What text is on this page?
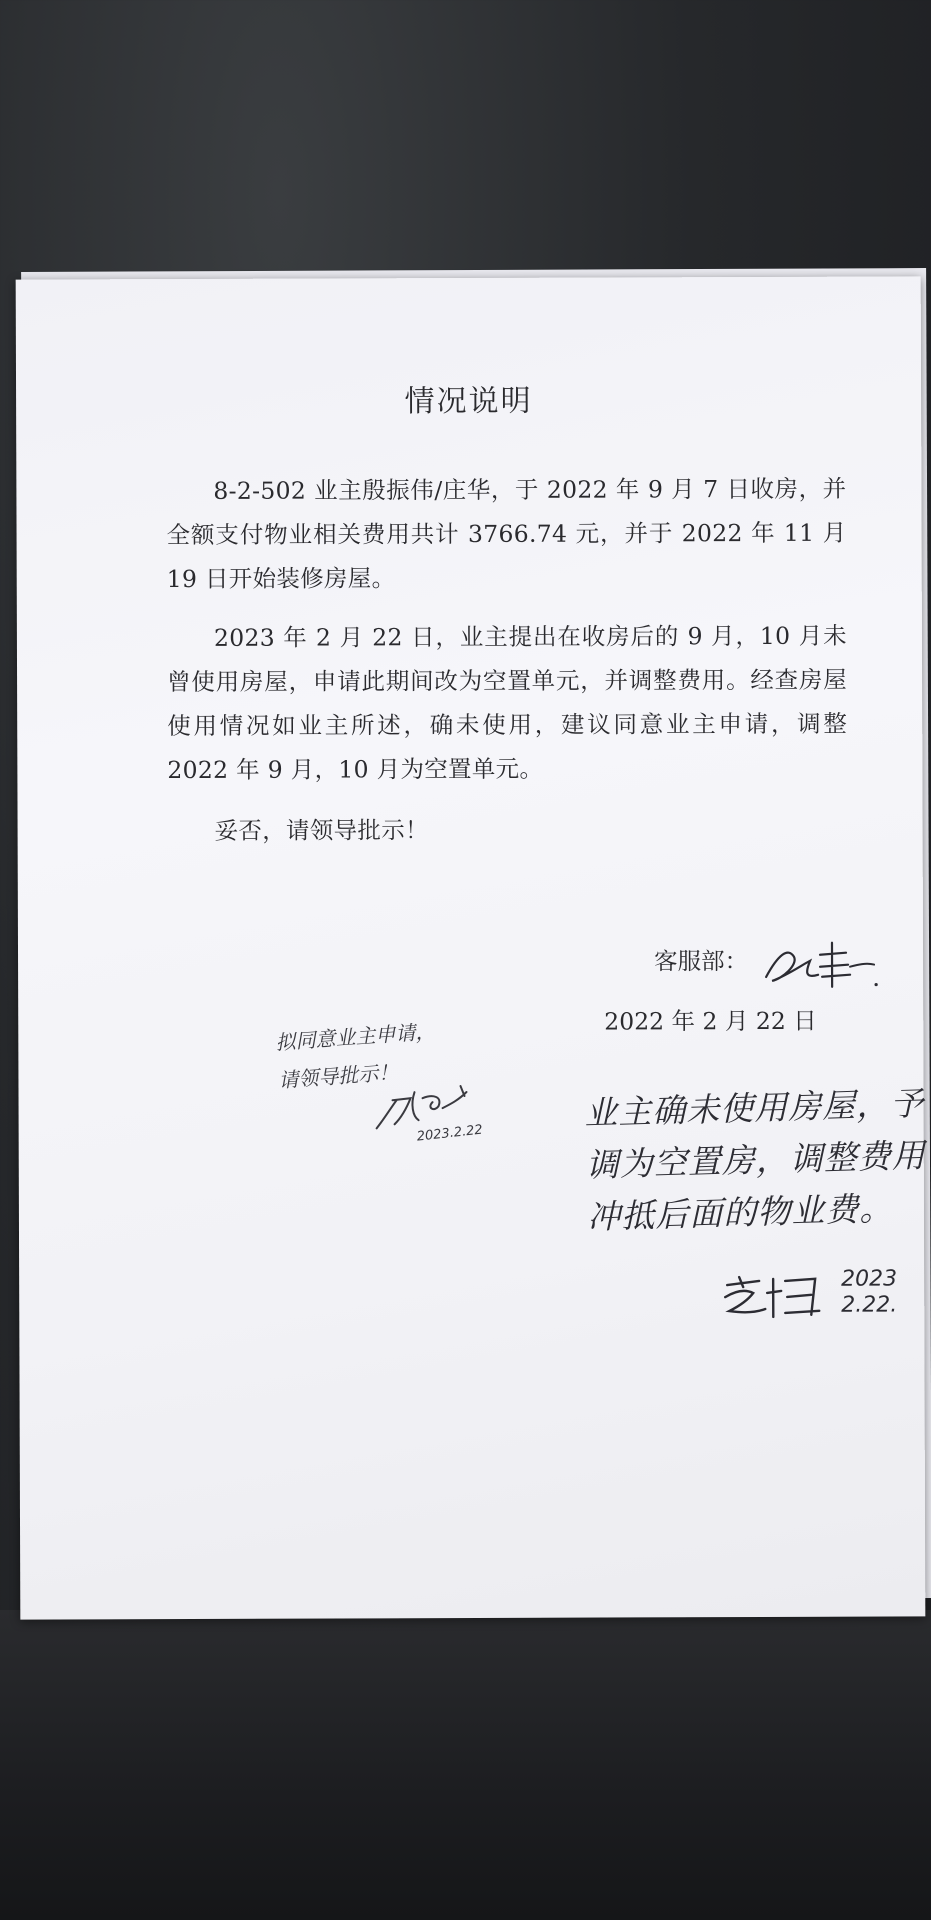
情况说明

8-2-502 业主殷振伟/庄华，于 2022 年 9 月 7 日收房，并全额支付物业相关费用共计 3766.74 元，并于 2022 年 11 月 19 日开始装修房屋。

2023 年 2 月 22 日，业主提出在收房后的 9 月，10 月未曾使用房屋，申请此期间改为空置单元，并调整费用。经查房屋使用情况如业主所述，确未使用，建议同意业主申请，调整 2022 年 9 月，10 月为空置单元。

妥否，请领导批示！

客服部：
2022 年 2 月 22 日
拟同意业主申请，
请领导批示！
2023.2.22
业主确未使用房屋，予
调为空置房，调整费用
冲抵后面的物业费。
2023
2.22.
